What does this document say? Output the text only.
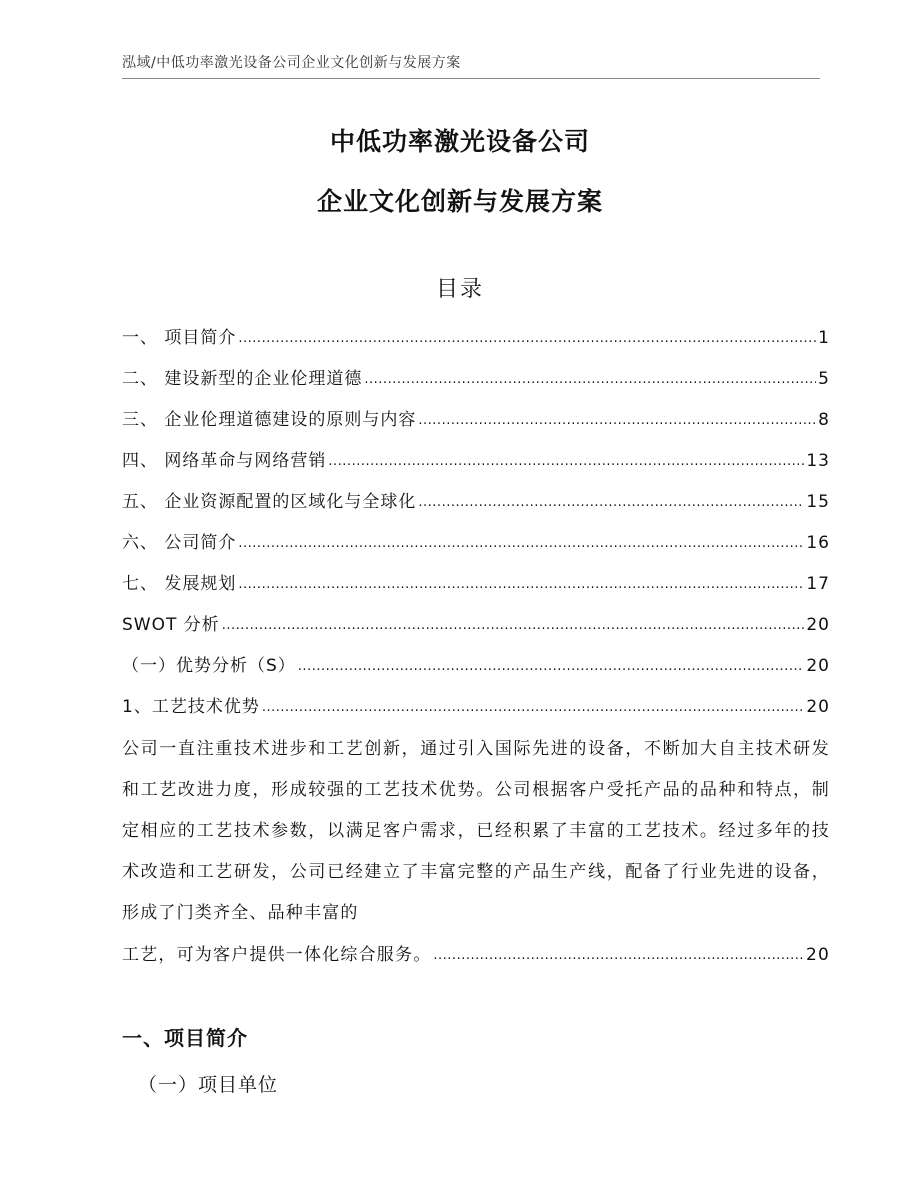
泓域/中低功率激光设备公司企业文化创新与发展方案
中低功率激光设备公司
企业文化创新与发展方案
目录
一、 项目简介 .....	1
二、 建设新型的企业伦理道德 .....	5
三、 企业伦理道德建设的原则与内容 .....	8
四、 网络革命与网络营销 .....	13
五、 企业资源配置的区域化与全球化 .....	15
六、 公司简介 .....	16
七、 发展规划 .....	17
SWOT 分析 .....	20
（一）优势分析（S） .....	20
1、工艺技术优势 .....	20
公司一直注重技术进步和工艺创新，通过引入国际先进的设备，不断加大自主技术研发和工艺改进力度，形成较强的工艺技术优势。公司根据客户受托产品的品种和特点，制定相应的工艺技术参数，以满足客户需求，已经积累了丰富的工艺技术。经过多年的技术改造和工艺研发，公司已经建立了丰富完整的产品生产线，配备了行业先进的设备，形成了门类齐全、品种丰富的
工艺，可为客户提供一体化综合服务。 .....	20
一、项目简介
（一）项目单位
